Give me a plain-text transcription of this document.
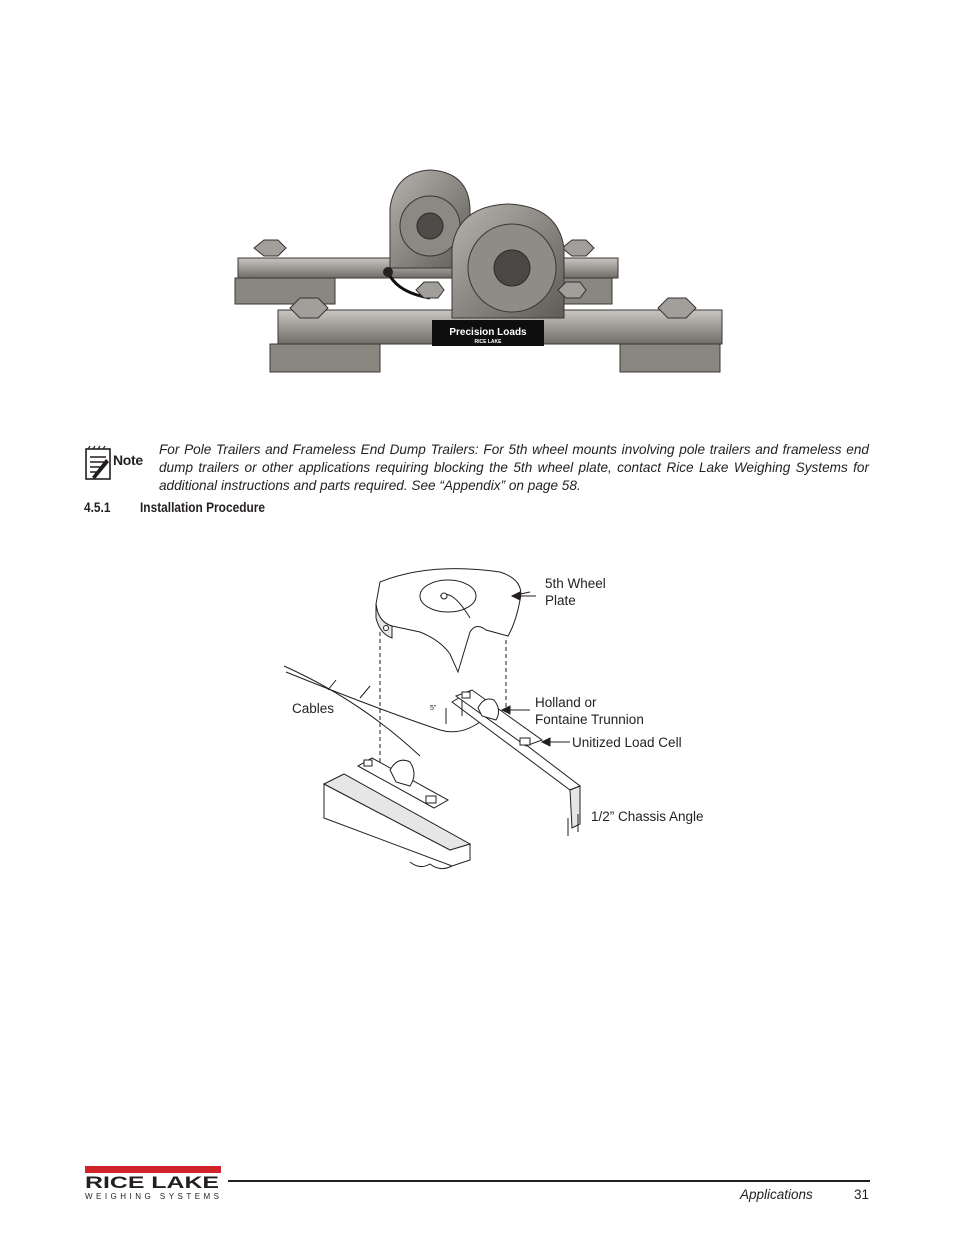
Precision Loads
RICE LAKE
Note
For Pole Trailers and Frameless End Dump Trailers: For 5th wheel mounts involving pole trailers and frameless end dump trailers or other applications requiring blocking the 5th wheel plate, contact Rice Lake Weighing Systems for additional instructions and parts required. See “Appendix” on page 58.
4.5.1 Installation Procedure
5"
5th Wheel
Plate
Cables	Holland or
Fontaine Trunnion
Unitized Load Cell
1/2” Chassis Angle
RICE LAKE
WEIGHING SYSTEMS	Applications	31
